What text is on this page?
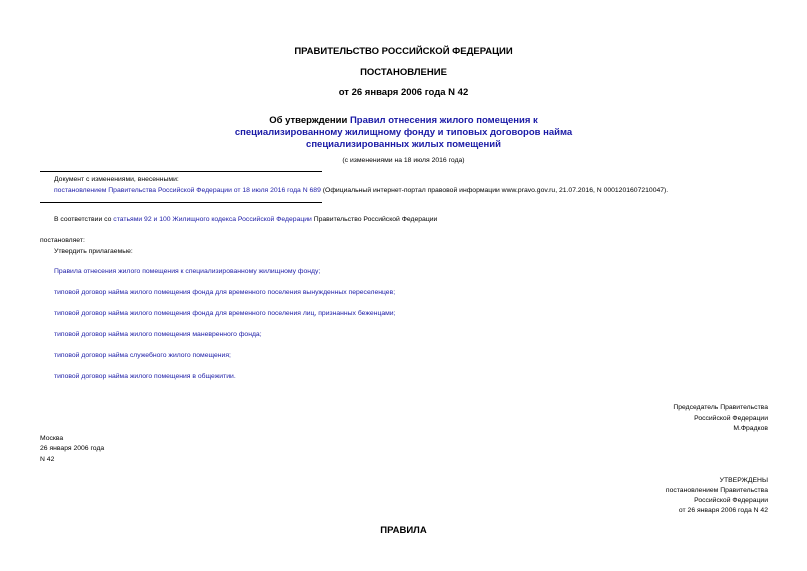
ПРАВИТЕЛЬСТВО РОССИЙСКОЙ ФЕДЕРАЦИИ
ПОСТАНОВЛЕНИЕ
от 26 января 2006 года N 42
Об утверждении Правил отнесения жилого помещения к
специализированному жилищному фонду и типовых договоров найма
специализированных жилых помещений
(с изменениями на 18 июля 2016 года)
Документ с изменениями, внесенными:
постановлением Правительства Российской Федерации от 18 июля 2016 года N 689 (Официальный интернет-портал правовой информации www.pravo.gov.ru, 21.07.2016, N 0001201607210047).
В соответствии со статьями 92 и 100 Жилищного кодекса Российской Федерации Правительство Российской Федерации
постановляет:
Утвердить прилагаемые:
Правила отнесения жилого помещения к специализированному жилищному фонду;
типовой договор найма жилого помещения фонда для временного поселения вынужденных переселенцев;
типовой договор найма жилого помещения фонда для временного поселения лиц, признанных беженцами;
типовой договор найма жилого помещения маневренного фонда;
типовой договор найма служебного жилого помещения;
типовой договор найма жилого помещения в общежитии.
Председатель Правительства
Российской Федерации
М.Фрадков
Москва
26 января 2006 года
N 42
УТВЕРЖДЕНЫ
постановлением Правительства
Российской Федерации
от 26 января 2006 года N 42
ПРАВИЛА
